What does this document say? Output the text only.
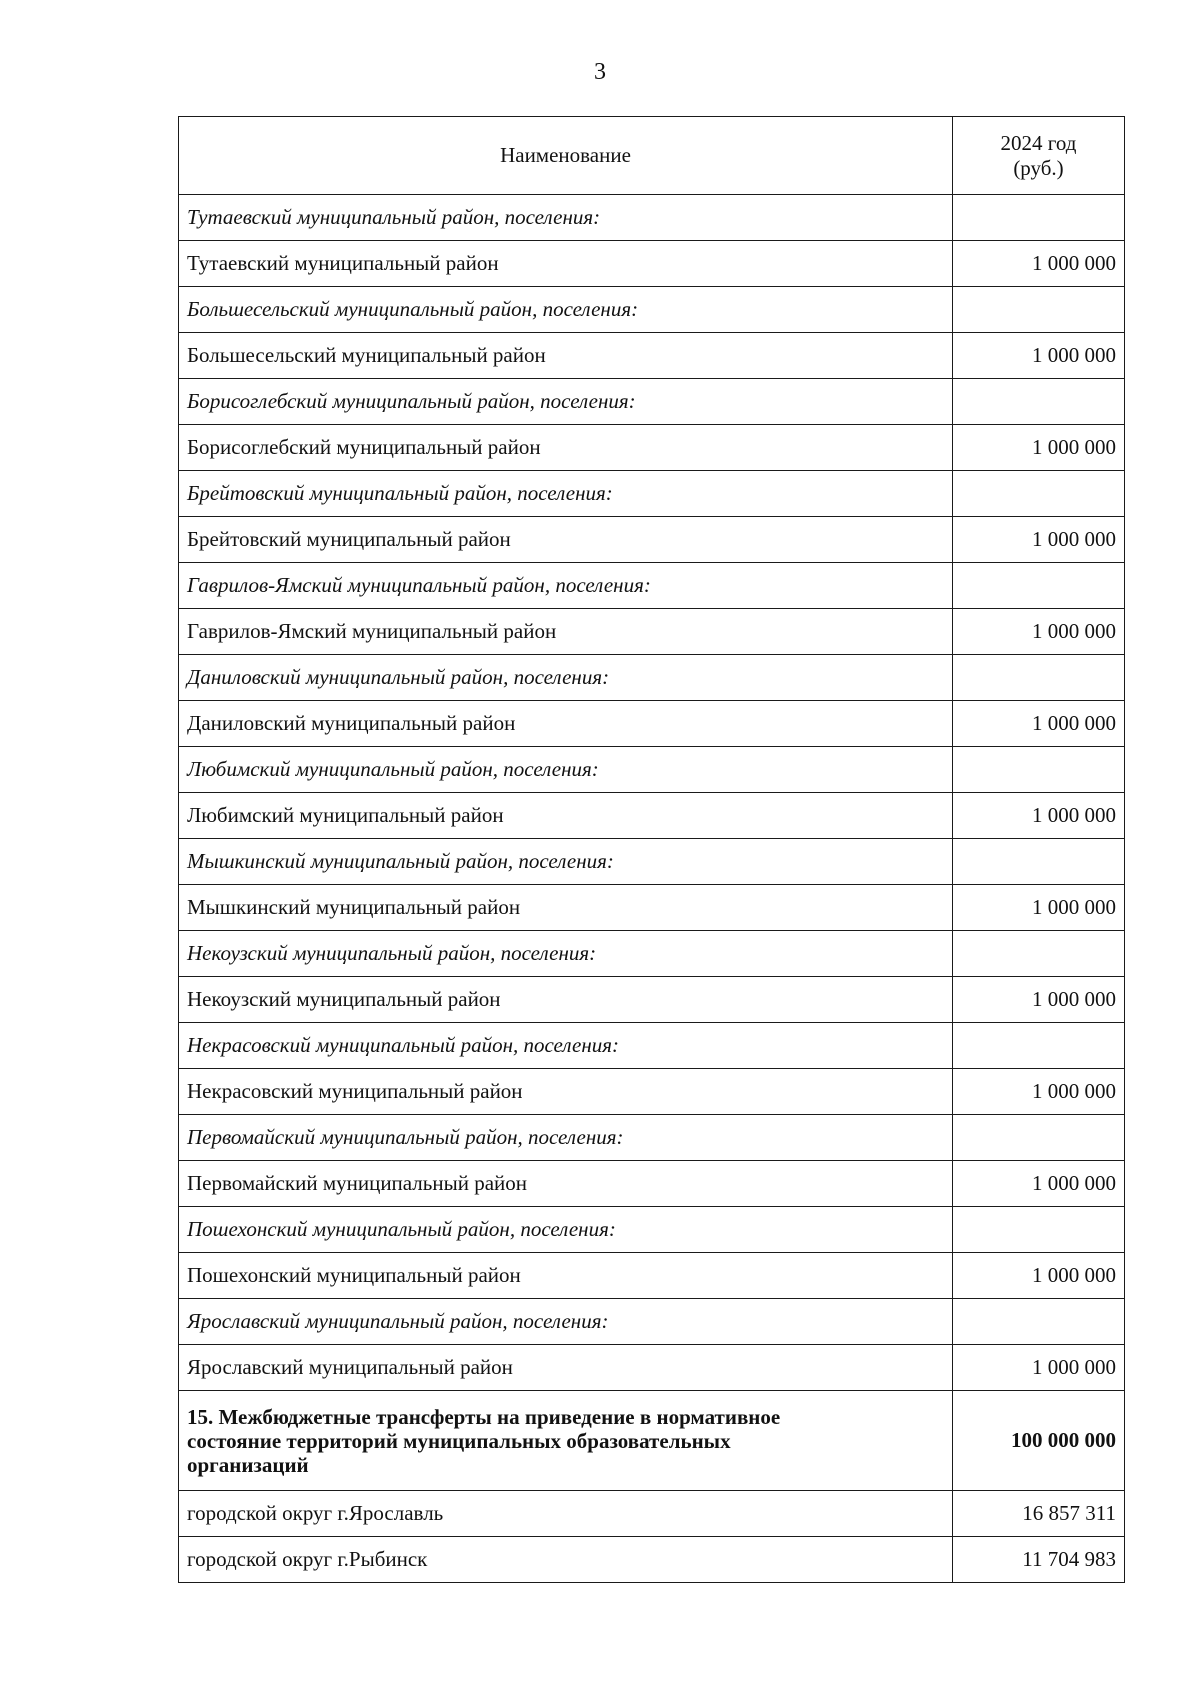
3
Наименование	2024 год
(руб.)

Тутаевский муниципальный район, поселения:	
Тутаевский муниципальный район	1 000 000
Большесельский муниципальный район, поселения:	
Большесельский муниципальный район	1 000 000
Борисоглебский муниципальный район, поселения:	
Борисоглебский муниципальный район	1 000 000
Брейтовский муниципальный район, поселения:	
Брейтовский муниципальный район	1 000 000
Гаврилов-Ямский муниципальный район, поселения:	
Гаврилов-Ямский муниципальный район	1 000 000
Даниловский муниципальный район, поселения:	
Даниловский муниципальный район	1 000 000
Любимский муниципальный район, поселения:	
Любимский муниципальный район	1 000 000
Мышкинский муниципальный район, поселения:	
Мышкинский муниципальный район	1 000 000
Некоузский муниципальный район, поселения:	
Некоузский муниципальный район	1 000 000
Некрасовский муниципальный район, поселения:	
Некрасовский муниципальный район	1 000 000
Первомайский муниципальный район, поселения:	
Первомайский муниципальный район	1 000 000
Пошехонский муниципальный район, поселения:	
Пошехонский муниципальный район	1 000 000
Ярославский муниципальный район, поселения:	
Ярославский муниципальный район	1 000 000

15. Межбюджетные трансферты на приведение в нормативное
состояние территорий муниципальных образовательных
организаций	100 000 000
городской округ г.Ярославль	16 857 311
городской округ г.Рыбинск	11 704 983
